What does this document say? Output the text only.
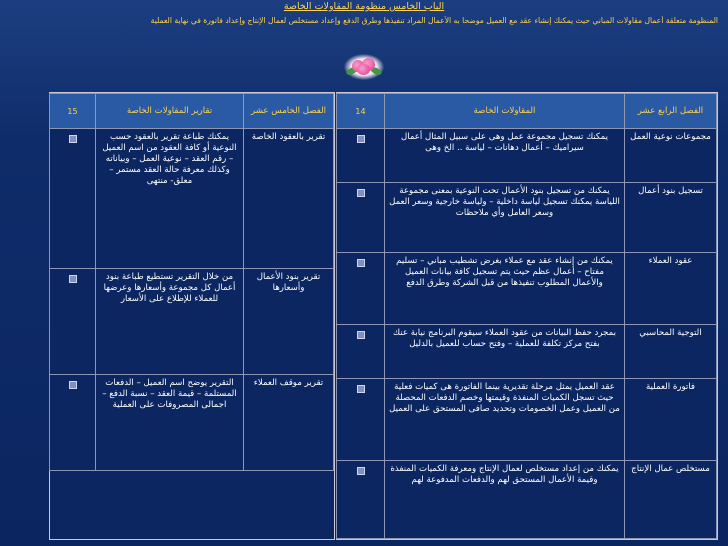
الباب الخامس منظومة المقاولات الخاصة
المنظومة متعلقة أعمال مقاولات المباني حيث يمكنك إنشاء عقد مع العميل موضحا به الأعمال المراد تنفيذها وطرق الدفع وإعداد مستخلص لعمال الإنتاج وإعداد فاتورة في نهاية العملية
الفصل الرابع عشر	المقاولات الخاصة	14
مجموعات نوعية العمل	يمكنك تسجيل مجموعة عمل وهى على سبيل المثال أعمال سيراميك – أعمال دهانات – لياسة .. الخ وهى	
تسجيل بنود أعمال	يمكنك من تسجيل بنود الأعمال تحت النوعية بمعنى مجموعة اللياسة يمكنك تسجيل لياسة داخلية – ولياسة خارجية وسعر العمل وسعر العامل وأي ملاحظات	
عقود العملاء	يمكنك من إنشاء عقد مع عملاء بغرض تشطيب مباني – تسليم مفتاح – أعمال عظم حيث يتم تسجيل كافة بيانات العميل والأعمال المطلوب تنفيذها من قبل الشركة وطرق الدفع	
التوجية المحاسبي	بمجرد حفظ البيانات من عقود العملاء سيقوم البرنامج نيابة عنك بفتح مركز تكلفة للعملية – وفتح حساب للعميل بالدليل	
فاتورة العملية	عقد العميل يمثل مرحلة تقديرية بينما الفاتورة هى كميات فعلية حيث تسجل الكميات المنفذة وقيمتها وخصم الدفعات المحصلة من العميل وعمل الخصومات وتحديد صافى المستحق على العميل	
مستخلص عمال الإنتاج	يمكنك من إعداد مستخلص لعمال الإنتاج ومعرفة الكميات المنفذة وقيمة الأعمال المستحق لهم والدفعات المدفوعة لهم	
الفصل الخامس عشر	تقارير المقاولات الخاصة	15
تقرير بالعقود الخاصة	يمكنك طباعة تقرير بالعقود حسب النوعية أو كافة العقود من اسم العميل – رقم العقد – نوعية العمل – وبياناته وكذلك معرفة حالة العقد مستمر – معلق- منتهى	
تقرير بنود الأعمال وأسعارها	من خلال التقرير تستطيع طباعة بنود أعمال كل مجموعة وأسعارها وعرضها للعملاء للإطلاع على الأسعار	
تقرير موقف العملاء	التقرير يوضح اسم العميل – الدفعات المستلمة – قيمة العقد – نسبة الدفع – اجمالى المصروفات على العملية	
